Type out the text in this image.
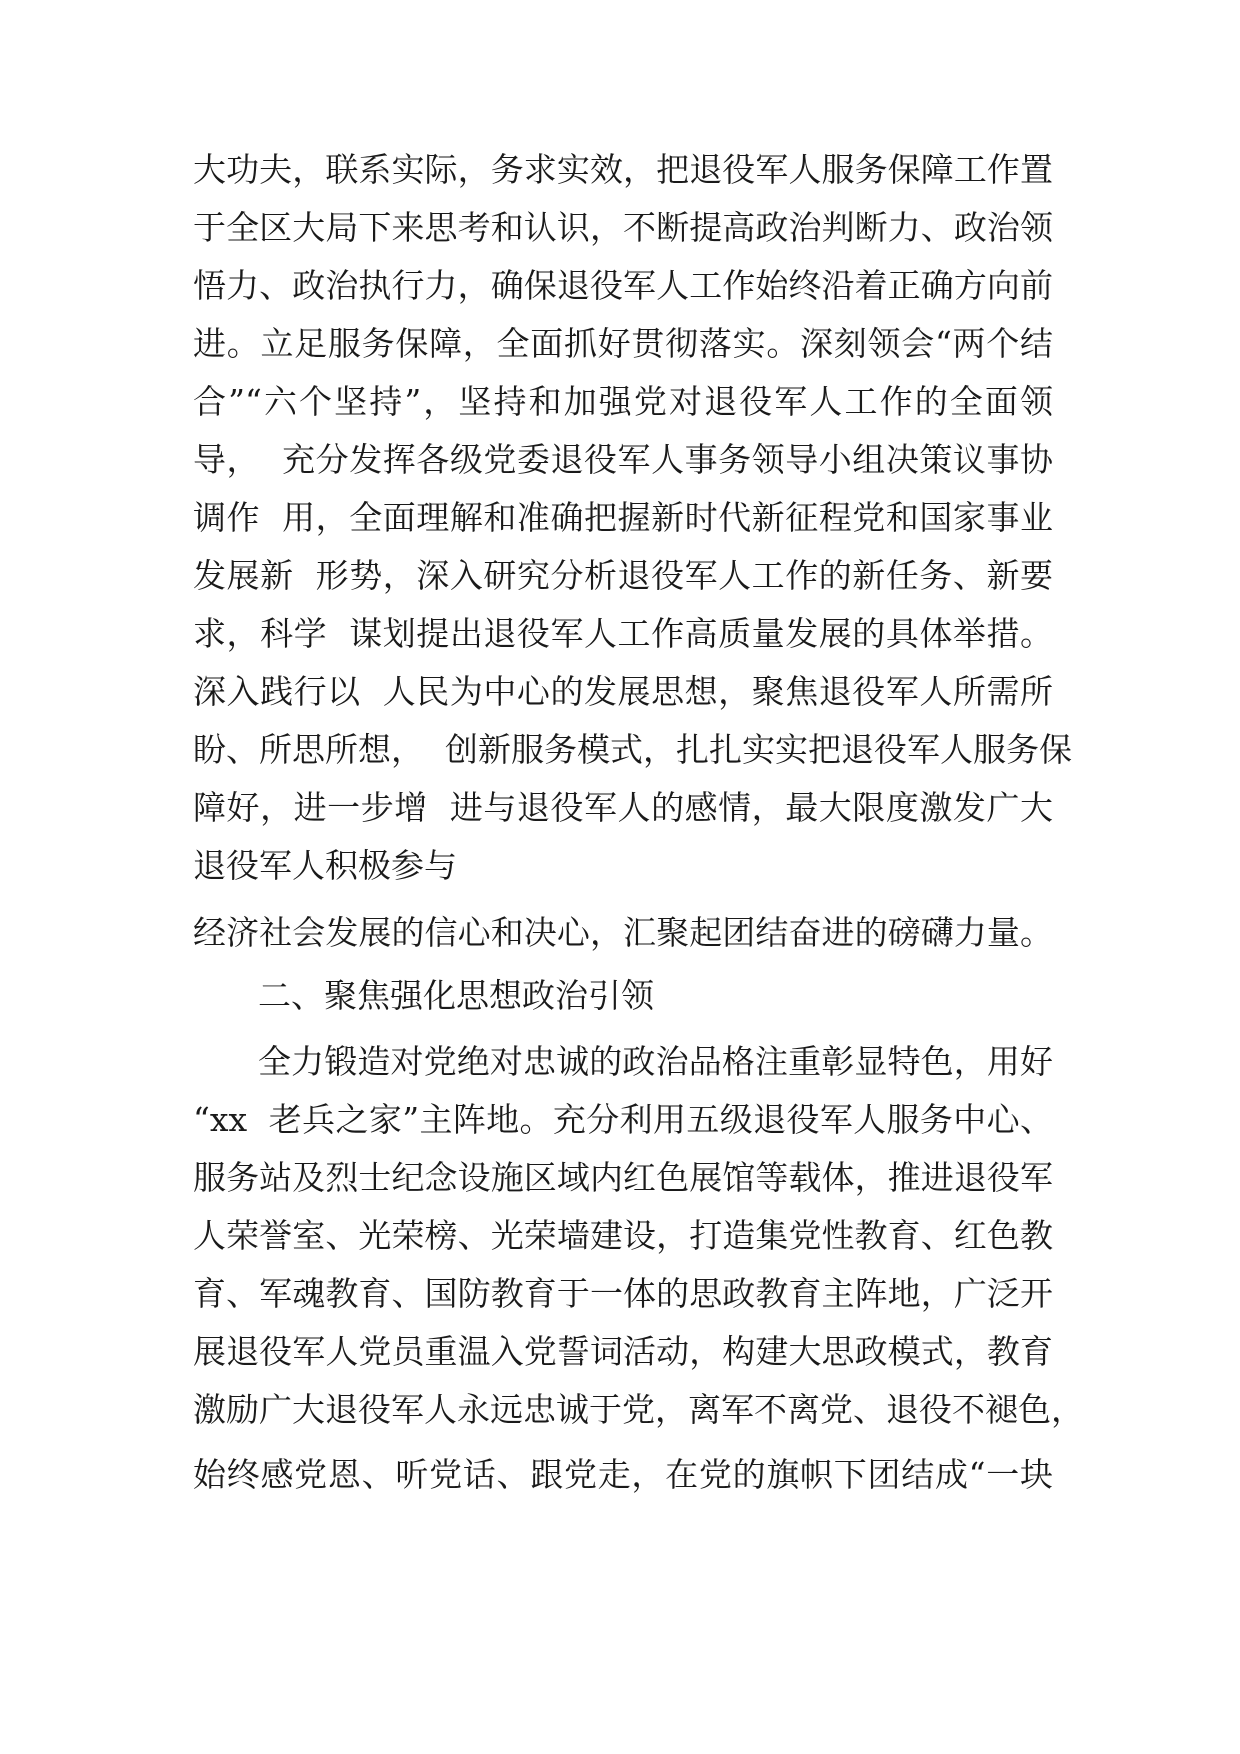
大功夫，联系实际，务求实效，把退役军人服务保障工作置
于全区大局下来思考和认识，不断提高政治判断力、政治领
悟力、政治执行力，确保退役军人工作始终沿着正确方向前
进。立足服务保障，全面抓好贯彻落实。深刻领会“两个结
合”“六个坚持”，坚持和加强党对退役军人工作的全面领
导，  充分发挥各级党委退役军人事务领导小组决策议事协
调作  用，全面理解和准确把握新时代新征程党和国家事业
发展新  形势，深入研究分析退役军人工作的新任务、新要
求，科学  谋划提出退役军人工作高质量发展的具体举措。
深入践行以  人民为中心的发展思想，聚焦退役军人所需所
盼、所思所想，  创新服务模式，扎扎实实把退役军人服务保
障好，进一步增  进与退役军人的感情，最大限度激发广大
退役军人积极参与
经济社会发展的信心和决心，汇聚起团结奋进的磅礴力量。
二、聚焦强化思想政治引领
全力锻造对党绝对忠诚的政治品格注重彰显特色，用好
“xx  老兵之家”主阵地。充分利用五级退役军人服务中心、
服务站及烈士纪念设施区域内红色展馆等载体，推进退役军
人荣誉室、光荣榜、光荣墙建设，打造集党性教育、红色教
育、军魂教育、国防教育于一体的思政教育主阵地，广泛开
展退役军人党员重温入党誓词活动，构建大思政模式，教育
激励广大退役军人永远忠诚于党，离军不离党、退役不褪色，
始终感党恩、听党话、跟党走，在党的旗帜下团结成“一块
